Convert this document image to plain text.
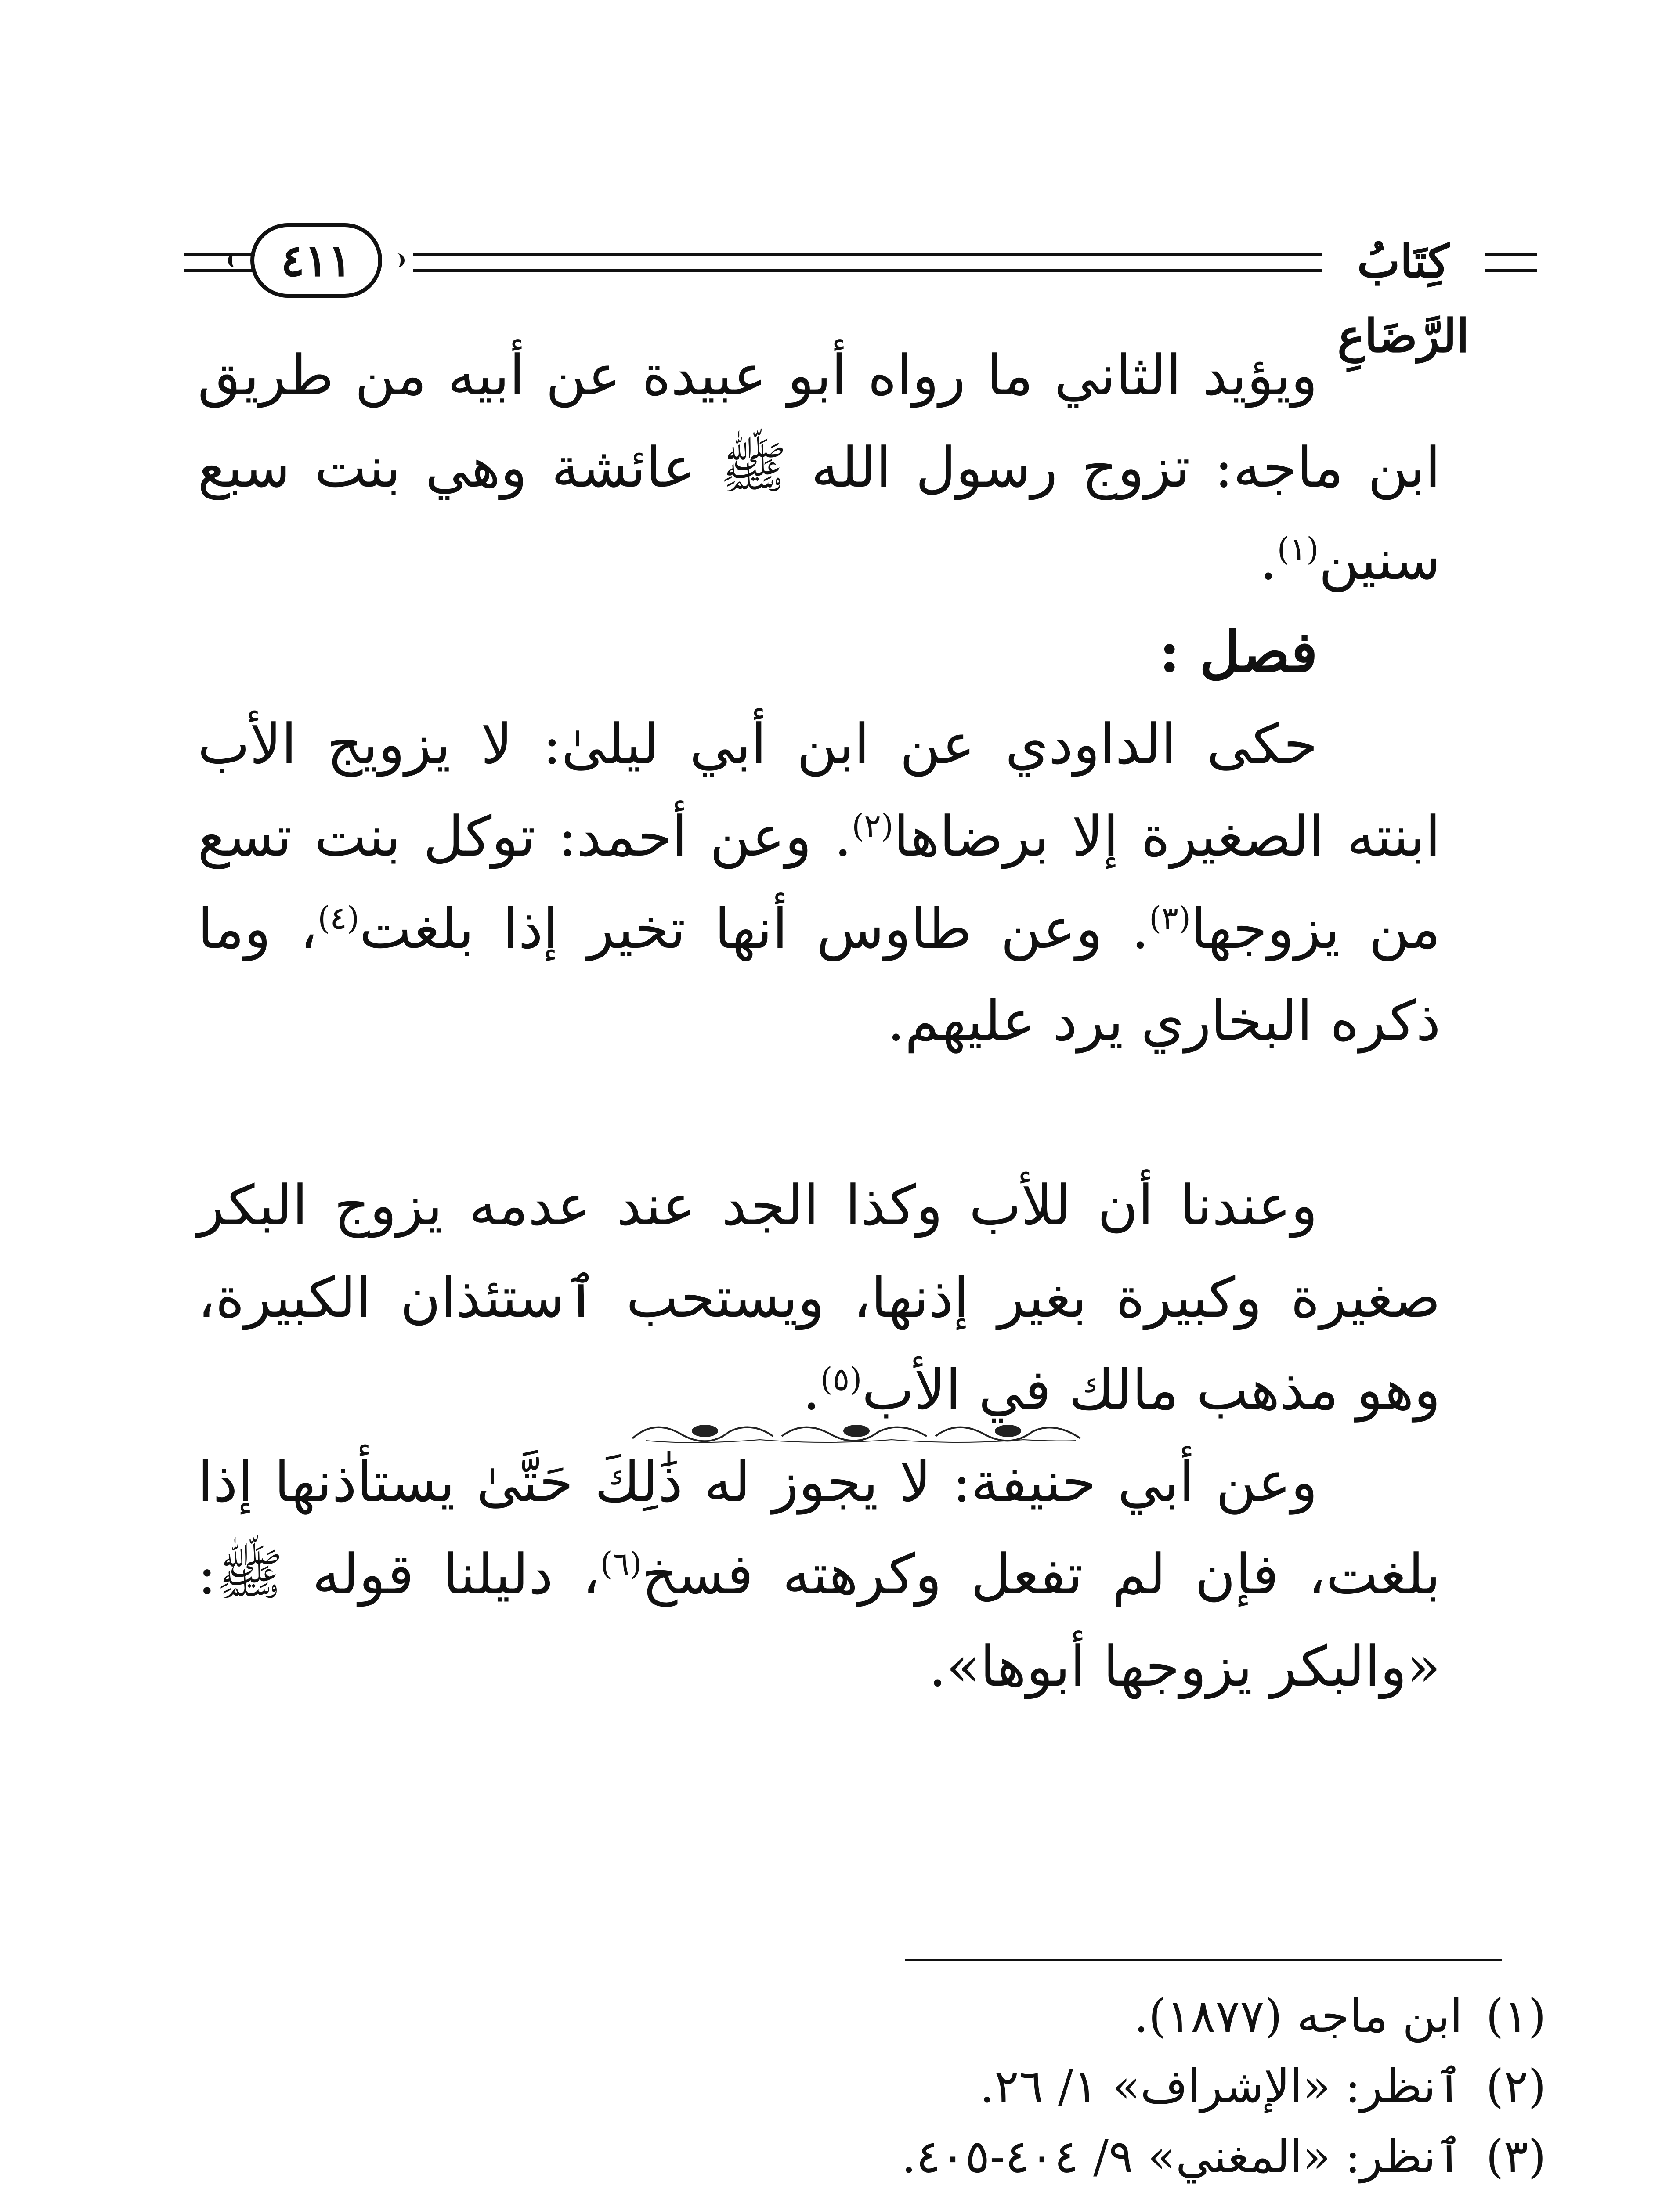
٤١١	كِتَابُ الرَّضَاعِ

ويؤيد الثاني ما رواه أبو عبيدة عن أبيه من طريق ابن ماجه: تزوج رسول الله ﷺ عائشة وهي بنت سبع سنين$^{(١)}$.

فصل :

حكى الداودي عن ابن أبي ليلىٰ: لا يزويج الأب ابنته الصغيرة إلا برضاها$^{(٢)}$. وعن أحمد: توكل بنت تسع من يزوجها$^{(٣)}$. وعن طاوس أنها تخير إذا بلغت$^{(٤)}$، وما ذكره البخاري يرد عليهم.

وعندنا أن للأب وكذا الجد عند عدمه يزوج البكر صغيرة وكبيرة بغير إذنها، ويستحب ٱستئذان الكبيرة، وهو مذهب مالك في الأب$^{(٥)}$.

وعن أبي حنيفة: لا يجوز له ذَٰلِكَ حَتَّىٰ يستأذنها إذا بلغت، فإن لم تفعل وكرهته فسخ$^{(٦)}$، دليلنا قوله ﷺ: «والبكر يزوجها أبوها».

(١)
ابن ماجه (١٨٧٧).
(٢)
ٱنظر: «الإشراف» ١/ ٢٦.
(٣)
ٱنظر: «المغني» ٩/ ٤٠٤-٤٠٥.
